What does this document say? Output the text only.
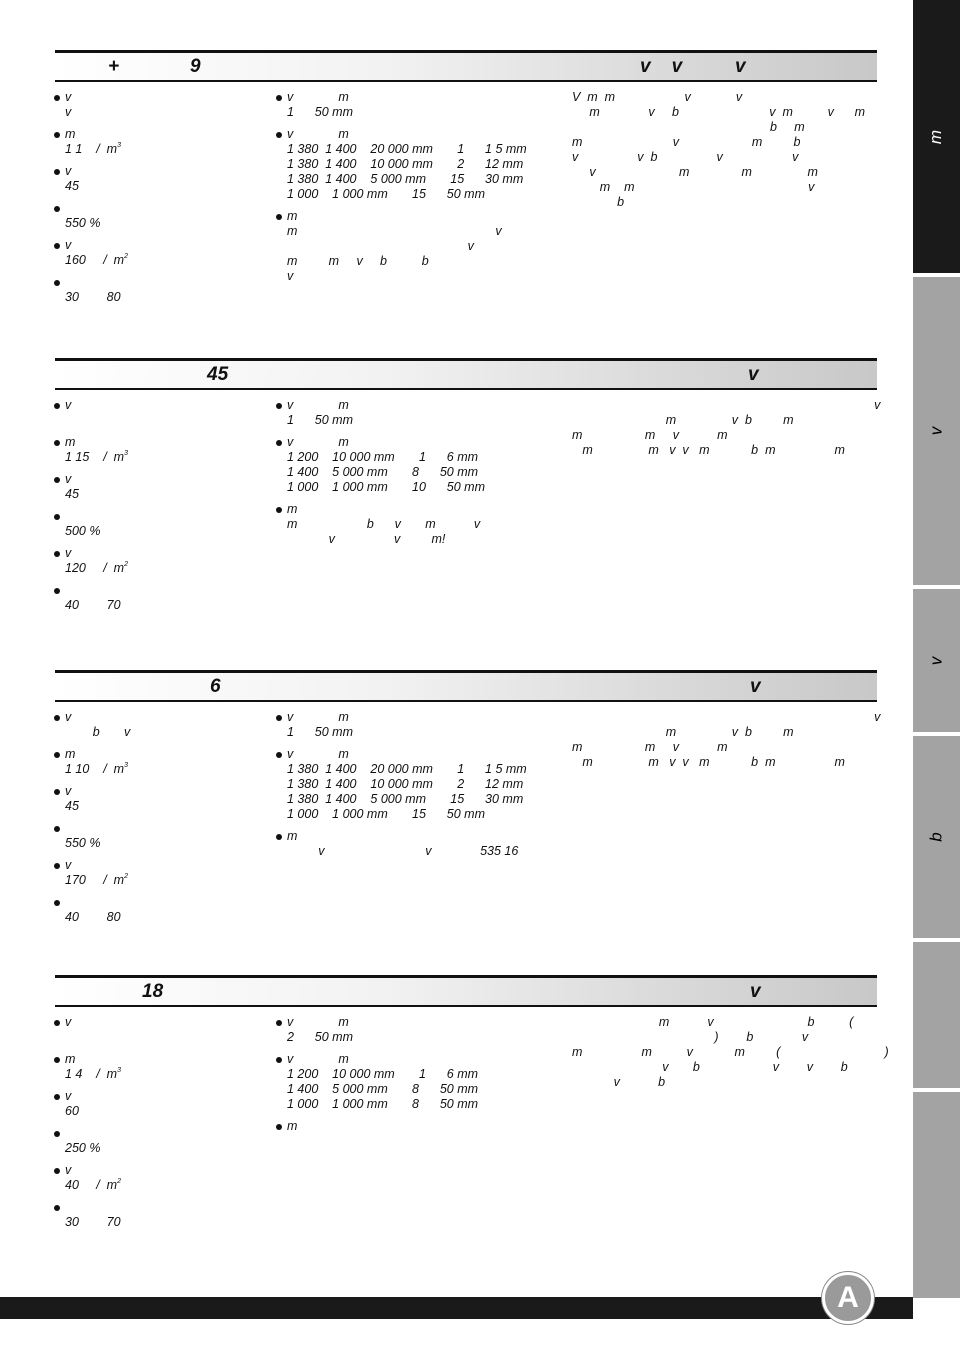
m
v
v
b
+	9	v    v          v
v
v
m
1 1    /  $m^3$
v
45
550 %
v
160     /  $m^2$
30        80
v             m
1      50 mm
v             m
1 380  1 400    20 000 mm       1      1 5 mm
1 380  1 400    10 000 mm       2      12 mm
1 380  1 400    5 000 mm       15      30 mm
1 000    1 000 mm       15      50 mm
m
m                                                         v
v
m         m     v     b          b
v
V  m  m                    v             v
m              v     b                          v  m          v      m
b     m
m                          v                     m         b
v                 v  b                 v                    v
v                        m               m                m
m    m                                                  v
b
45	v
v
m
1 15    /  $m^3$
v
45
500 %
v
120     /  $m^2$
40        70
v             m
1      50 mm
v             m
1 200    10 000 mm       1      6 mm
1 400    5 000 mm       8      50 mm
1 000    1 000 mm       10      50 mm
m
m                    b      v       m           v
v                 v         m!
v
m                v  b         m
m                  m     v           m
m                m   v  v   m            b  m                 m
6	v
v
b       v
m
1 10    /  $m^3$
v
45
550 %
v
170     /  $m^2$
40        80
v             m
1      50 mm
v             m
1 380  1 400    20 000 mm       1      1 5 mm
1 380  1 400    10 000 mm       2      12 mm
1 380  1 400    5 000 mm       15      30 mm
1 000    1 000 mm       15      50 mm
m
v                             v              535 16
v
m                v  b         m
m                  m     v           m
m                m   v  v   m            b  m                 m
18	v
v
m
1 4    /  $m^3$
v
60
250 %
v
40     /  $m^2$
30        70
v             m
2      50 mm
v             m
1 200    10 000 mm       1      6 mm
1 400    5 000 mm       8      50 mm
1 000    1 000 mm       8      50 mm
m
m           v                           b          (
)        b              v
m                 m          v            m         (                              )
v       b                     v        v        b
v           b
A
